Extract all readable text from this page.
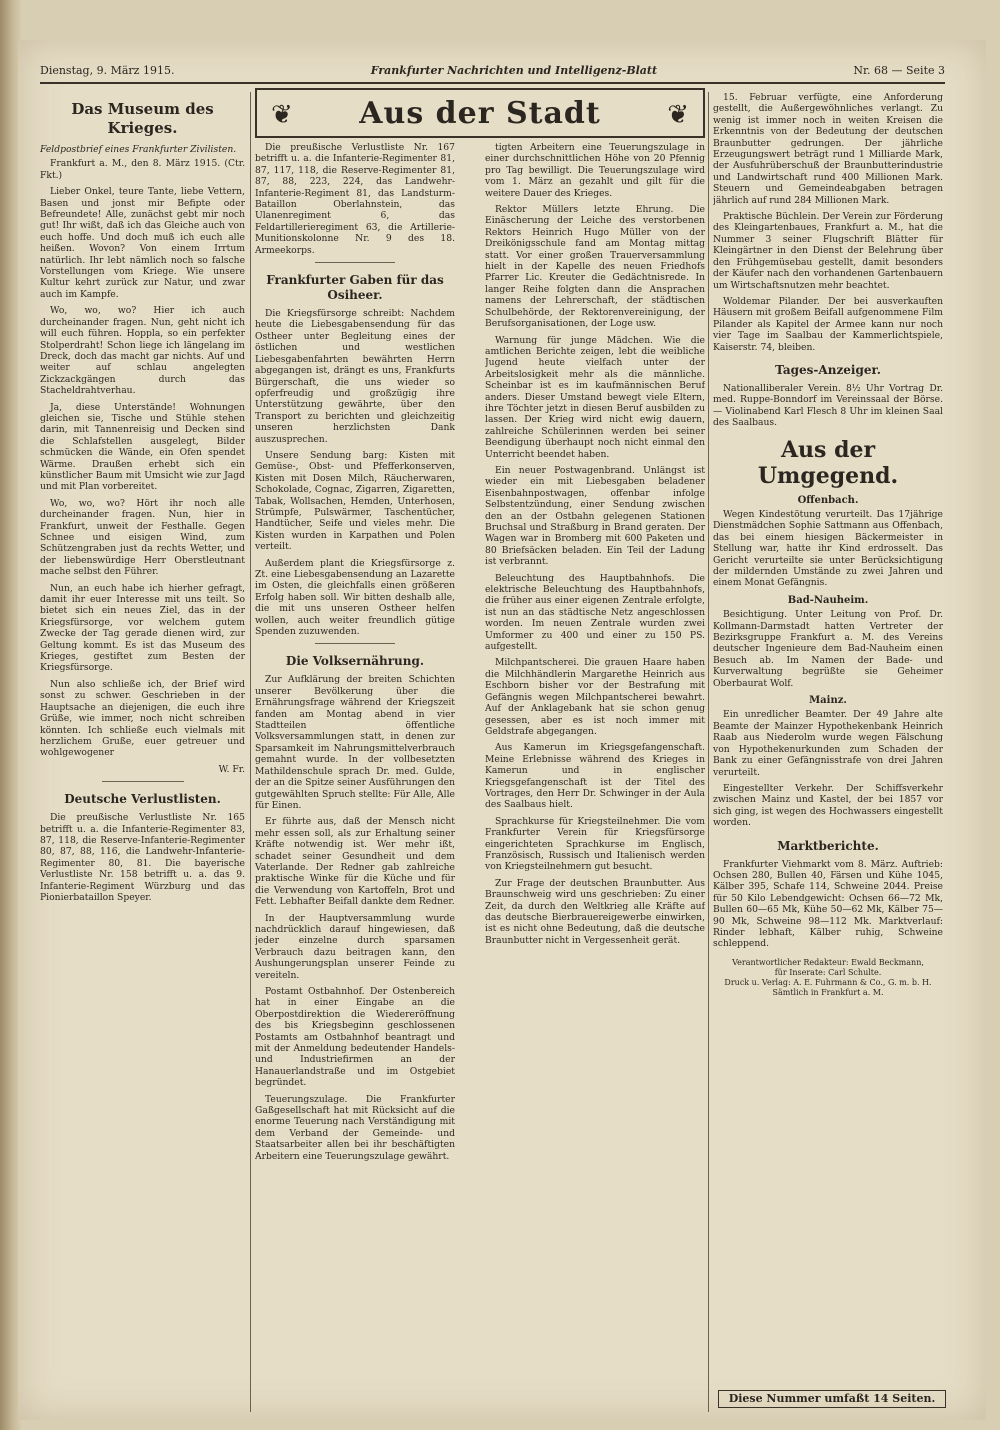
Dienstag, 9. März 1915.	Frankfurter Nachrichten und Intelligenz-Blatt	Nr. 68 — Seite 3
Das Museum des Krieges.
Feldpostbrief eines Frankfurter Zivilisten.

Frankfurt a. M., den 8. März 1915. (Ctr. Fkt.)

Lieber Onkel, teure Tante, liebe Vettern, Basen und jonst mir Befipte oder Befreundete! Alle, zunächst gebt mir noch gut! Ihr wißt, daß ich das Gleiche auch von euch hoffe. Und doch muß ich euch alle heißen. Wovon? Von einem Irrtum natürlich. Ihr lebt nämlich noch so falsche Vorstellungen vom Kriege. Wie unsere Kultur kehrt zurück zur Natur, und zwar auch im Kampfe.

Wo, wo, wo? Hier ich auch durcheinander fragen. Nun, geht nicht ich will euch führen. Hoppla, so ein perfekter Stolperdraht! Schon liege ich längelang im Dreck, doch das macht gar nichts. Auf und weiter auf schlau angelegten Zickzackgängen durch das Stacheldrahtverhau.

Ja, diese Unterstände! Wohnungen gleichen sie, Tische und Stühle stehen darin, mit Tannenreisig und Decken sind die Schlafstellen ausgelegt, Bilder schmücken die Wände, ein Ofen spendet Wärme. Draußen erhebt sich ein künstlicher Baum mit Umsicht wie zur Jagd und mit Plan vorbereitet.

Wo, wo, wo? Hört ihr noch alle durcheinander fragen. Nun, hier in Frankfurt, unweit der Festhalle. Gegen Schnee und eisigen Wind, zum Schützengraben just da rechts Wetter, und der liebenswürdige Herr Oberstleutnant mache selbst den Führer.

Nun, an euch habe ich hierher gefragt, damit ihr euer Interesse mit uns teilt. So bietet sich ein neues Ziel, das in der Kriegsfürsorge, vor welchem gutem Zwecke der Tag gerade dienen wird, zur Geltung kommt. Es ist das Museum des Krieges, gestiftet zum Besten der Kriegsfürsorge.

Nun also schließe ich, der Brief wird sonst zu schwer. Geschrieben in der Hauptsache an diejenigen, die euch ihre Grüße, wie immer, noch nicht schreiben könnten. Ich schließe euch vielmals mit herzlichem Gruße, euer getreuer und wohlgewogener

W. Fr.

Deutsche Verlustlisten.

Die preußische Verlustliste Nr. 165 betrifft u. a. die Infanterie-Regimenter 83, 87, 118, die Reserve-Infanterie-Regimenter 80, 87, 88, 116, die Landwehr-Infanterie-Regimenter 80, 81. Die bayerische Verlustliste Nr. 158 betrifft u. a. das 9. Infanterie-Regiment Würzburg und das Pionierbataillon Speyer.

❦ Aus der Stadt	❦

Die preußische Verlustliste Nr. 167 betrifft u. a. die Infanterie-Regimenter 81, 87, 117, 118, die Reserve-Regimenter 81, 87, 88, 223, 224, das Landwehr-Infanterie-Regiment 81, das Landsturm-Bataillon Oberlahnstein, das Ulanenregiment 6, das Feldartillerieregiment 63, die Artillerie-Munitionskolonne Nr. 9 des 18. Armeekorps.

Frankfurter Gaben für das Osiheer.

Die Kriegsfürsorge schreibt: Nachdem heute die Liebesgabensendung für das Ostheer unter Begleitung eines der östlichen und westlichen Liebesgabenfahrten bewährten Herrn abgegangen ist, drängt es uns, Frankfurts Bürgerschaft, die uns wieder so opferfreudig und großzügig ihre Unterstützung gewährte, über den Transport zu berichten und gleichzeitig unseren herzlichsten Dank auszusprechen.

Unsere Sendung barg: Kisten mit Gemüse-, Obst- und Pfefferkonserven, Kisten mit Dosen Milch, Räucherwaren, Schokolade, Cognac, Zigarren, Zigaretten, Tabak, Wollsachen, Hemden, Unterhosen, Strümpfe, Pulswärmer, Taschentücher, Handtücher, Seife und vieles mehr. Die Kisten wurden in Karpathen und Polen verteilt.

Außerdem plant die Kriegsfürsorge z. Zt. eine Liebesgabensendung an Lazarette im Osten, die gleichfalls einen größeren Erfolg haben soll. Wir bitten deshalb alle, die mit uns unseren Ostheer helfen wollen, auch weiter freundlich gütige Spenden zuzuwenden.

Die Volksernährung.

Zur Aufklärung der breiten Schichten unserer Bevölkerung über die Ernährungsfrage während der Kriegszeit fanden am Montag abend in vier Stadtteilen öffentliche Volksversammlungen statt, in denen zur Sparsamkeit im Nahrungsmittelverbrauch gemahnt wurde. In der vollbesetzten Mathildenschule sprach Dr. med. Gulde, der an die Spitze seiner Ausführungen den gutgewählten Spruch stellte: Für Alle, Alle für Einen.

Er führte aus, daß der Mensch nicht mehr essen soll, als zur Erhaltung seiner Kräfte notwendig ist. Wer mehr ißt, schadet seiner Gesundheit und dem Vaterlande. Der Redner gab zahlreiche praktische Winke für die Küche und für die Verwendung von Kartoffeln, Brot und Fett. Lebhafter Beifall dankte dem Redner.

In der Hauptversammlung wurde nachdrücklich darauf hingewiesen, daß jeder einzelne durch sparsamen Verbrauch dazu beitragen kann, den Aushungerungsplan unserer Feinde zu vereiteln.

Postamt Ostbahnhof. Der Ostenbereich hat in einer Eingabe an die Oberpostdirektion die Wiedereröffnung des bis Kriegsbeginn geschlossenen Postamts am Ostbahnhof beantragt und mit der Anmeldung bedeutender Handels- und Industriefirmen an der Hanauerlandstraße und im Ostgebiet begründet.

Teuerungszulage. Die Frankfurter Gaßgesellschaft hat mit Rücksicht auf die enorme Teuerung nach Verständigung mit dem Verband der Gemeinde- und Staatsarbeiter allen bei ihr beschäftigten Arbeitern eine Teuerungszulage gewährt.

tigten Arbeitern eine Teuerungszulage in einer durchschnittlichen Höhe von 20 Pfennig pro Tag bewilligt. Die Teuerungszulage wird vom 1. März an gezahlt und gilt für die weitere Dauer des Krieges.

Rektor Müllers letzte Ehrung. Die Einäscherung der Leiche des verstorbenen Rektors Heinrich Hugo Müller von der Dreikönigsschule fand am Montag mittag statt. Vor einer großen Trauerversammlung hielt in der Kapelle des neuen Friedhofs Pfarrer Lic. Kreuter die Gedächtnisrede. In langer Reihe folgten dann die Ansprachen namens der Lehrerschaft, der städtischen Schulbehörde, der Rektorenvereinigung, der Berufsorganisationen, der Loge usw.

Warnung für junge Mädchen. Wie die amtlichen Berichte zeigen, lebt die weibliche Jugend heute vielfach unter der Arbeitslosigkeit mehr als die männliche. Scheinbar ist es im kaufmännischen Beruf anders. Dieser Umstand bewegt viele Eltern, ihre Töchter jetzt in diesen Beruf ausbilden zu lassen. Der Krieg wird nicht ewig dauern, zahlreiche Schülerinnen werden bei seiner Beendigung überhaupt noch nicht einmal den Unterricht beendet haben.

Ein neuer Postwagenbrand. Unlängst ist wieder ein mit Liebesgaben beladener Eisenbahnpostwagen, offenbar infolge Selbstentzündung, einer Sendung zwischen den an der Ostbahn gelegenen Stationen Bruchsal und Straßburg in Brand geraten. Der Wagen war in Bromberg mit 600 Paketen und 80 Briefsäcken beladen. Ein Teil der Ladung ist verbrannt.

Beleuchtung des Hauptbahnhofs. Die elektrische Beleuchtung des Hauptbahnhofs, die früher aus einer eigenen Zentrale erfolgte, ist nun an das städtische Netz angeschlossen worden. Im neuen Zentrale wurden zwei Umformer zu 400 und einer zu 150 PS. aufgestellt.

Milchpantscherei. Die grauen Haare haben die Milchhändlerin Margarethe Heinrich aus Eschborn bisher vor der Bestrafung mit Gefängnis wegen Milchpantscherei bewahrt. Auf der Anklagebank hat sie schon genug gesessen, aber es ist noch immer mit Geldstrafe abgegangen.

Aus Kamerun im Kriegsgefangenschaft. Meine Erlebnisse während des Krieges in Kamerun und in englischer Kriegsgefangenschaft ist der Titel des Vortrages, den Herr Dr. Schwinger in der Aula des Saalbaus hielt.

Sprachkurse für Kriegsteilnehmer. Die vom Frankfurter Verein für Kriegsfürsorge eingerichteten Sprachkurse im Englisch, Französisch, Russisch und Italienisch werden von Kriegsteilnehmern gut besucht.

Zur Frage der deutschen Braunbutter. Aus Braunschweig wird uns geschrieben: Zu einer Zeit, da durch den Weltkrieg alle Kräfte auf das deutsche Bierbrauereigewerbe einwirken, ist es nicht ohne Bedeutung, daß die deutsche Braunbutter nicht in Vergessenheit gerät.

15. Februar verfügte, eine Anforderung gestellt, die Außergewöhnliches verlangt. Zu wenig ist immer noch in weiten Kreisen die Erkenntnis von der Bedeutung der deutschen Braunbutter gedrungen. Der jährliche Erzeugungswert beträgt rund 1 Milliarde Mark, der Ausfuhrüberschuß der Braunbutterindustrie und Landwirtschaft rund 400 Millionen Mark. Steuern und Gemeindeabgaben betragen jährlich auf rund 284 Millionen Mark.

Praktische Büchlein. Der Verein zur Förderung des Kleingartenbaues, Frankfurt a. M., hat die Nummer 3 seiner Flugschrift Blätter für Kleingärtner in den Dienst der Belehrung über den Frühgemüsebau gestellt, damit besonders der Käufer nach den vorhandenen Gartenbauern um Wirtschaftsnutzen mehr beachtet.

Woldemar Pilander. Der bei ausverkauften Häusern mit großem Beifall aufgenommene Film Pilander als Kapitel der Armee kann nur noch vier Tage im Saalbau der Kammerlichtspiele, Kaiserstr. 74, bleiben.

Tages-Anzeiger.

Nationalliberaler Verein. 8½ Uhr Vortrag Dr. med. Ruppe-Bonndorf im Vereinssaal der Börse. — Violinabend Karl Flesch 8 Uhr im kleinen Saal des Saalbaus.

Aus der Umgegend.
Offenbach.

Wegen Kindestötung verurteilt. Das 17jährige Dienstmädchen Sophie Sattmann aus Offenbach, das bei einem hiesigen Bäckermeister in Stellung war, hatte ihr Kind erdrosselt. Das Gericht verurteilte sie unter Berücksichtigung der mildernden Umstände zu zwei Jahren und einem Monat Gefängnis.

Bad-Nauheim.

Besichtigung. Unter Leitung von Prof. Dr. Kollmann-Darmstadt hatten Vertreter der Bezirksgruppe Frankfurt a. M. des Vereins deutscher Ingenieure dem Bad-Nauheim einen Besuch ab. Im Namen der Bade- und Kurverwaltung begrüßte sie Geheimer Oberbaurat Wolf.

Mainz.

Ein unredlicher Beamter. Der 49 Jahre alte Beamte der Mainzer Hypothekenbank Heinrich Raab aus Niederolm wurde wegen Fälschung von Hypothekenurkunden zum Schaden der Bank zu einer Gefängnisstrafe von drei Jahren verurteilt.

Eingestellter Verkehr. Der Schiffsverkehr zwischen Mainz und Kastel, der bei 1857 vor sich ging, ist wegen des Hochwassers eingestellt worden.

Marktberichte.

Frankfurter Viehmarkt vom 8. März. Auftrieb: Ochsen 280, Bullen 40, Färsen und Kühe 1045, Kälber 395, Schafe 114, Schweine 2044. Preise für 50 Kilo Lebendgewicht: Ochsen 66—72 Mk, Bullen 60—65 Mk, Kühe 50—62 Mk, Kälber 75—90 Mk, Schweine 98—112 Mk. Marktverlauf: Rinder lebhaft, Kälber ruhig, Schweine schleppend.

Verantwortlicher Redakteur: Ewald Beckmann,
für Inserate: Carl Schulte.
Druck u. Verlag: A. E. Fuhrmann & Co., G. m. b. H.
Sämtlich in Frankfurt a. M.
Diese Nummer umfaßt 14 Seiten.
